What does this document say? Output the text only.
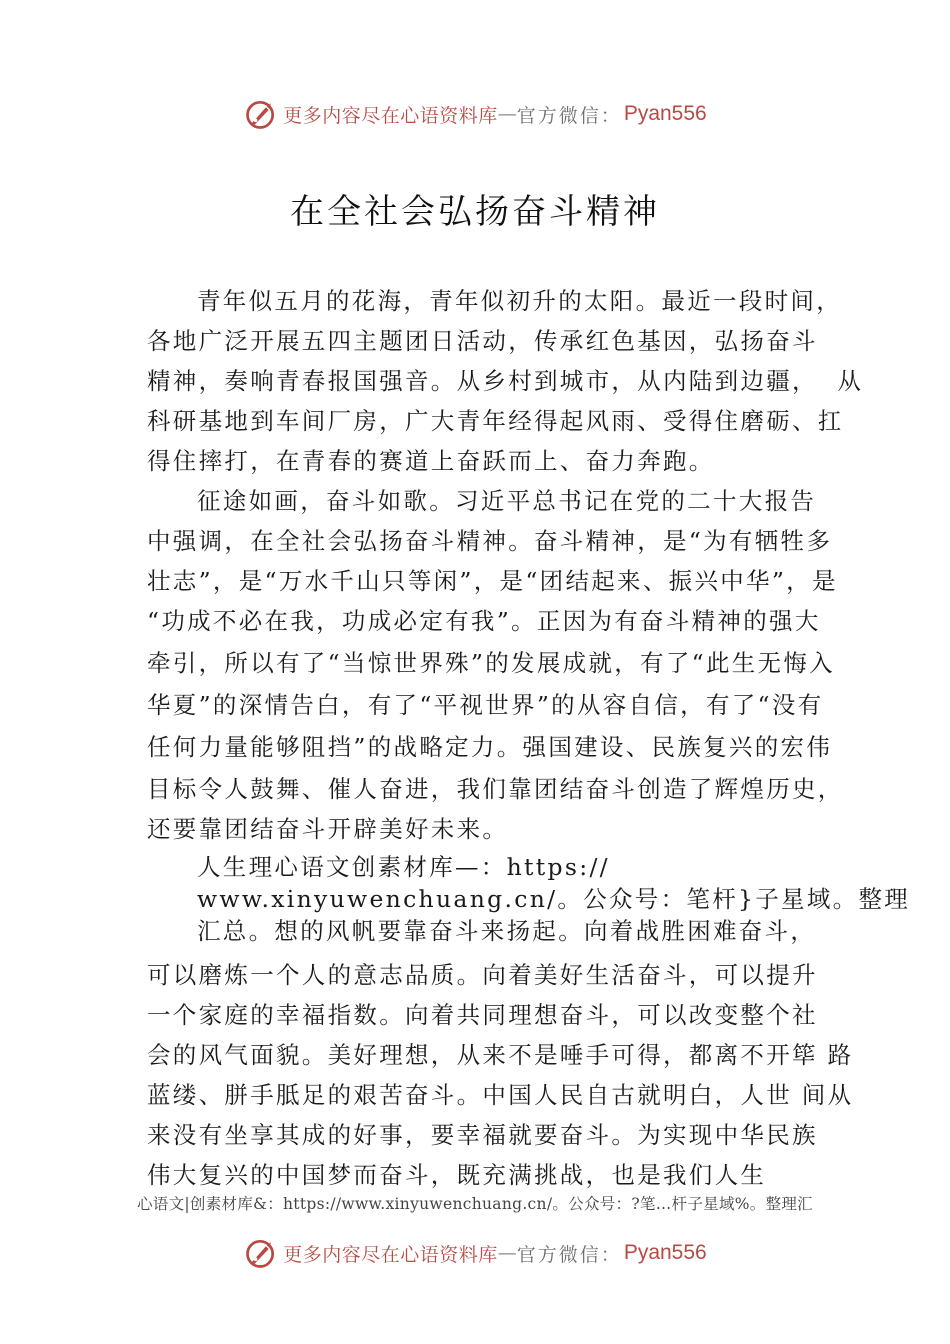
更多内容尽在心语资料库 — 官方微信： Pyan556
在全社会弘扬奋斗精神
青年似五月的花海，青年似初升的太阳。最近一段时间，
各地广泛开展五四主题团日活动，传承红色基因，弘扬奋斗
精神，奏响青春报国强音。从乡村到城市，从内陆到边疆，  从
科研基地到车间厂房，广大青年经得起风雨、受得住磨砺、扛
得住摔打，在青春的赛道上奋跃而上、奋力奔跑。
征途如画，奋斗如歌。习近平总书记在党的二十大报告
中强调，在全社会弘扬奋斗精神。奋斗精神，是“为有牺牲多
壮志”，是“万水千山只等闲”，是“团结起来、振兴中华”，是
“功成不必在我，功成必定有我”。正因为有奋斗精神的强大
牵引，所以有了“当惊世界殊”的发展成就，有了“此生无悔入
华夏”的深情告白，有了“平视世界”的从容自信，有了“没有
任何力量能够阻挡”的战略定力。强国建设、民族复兴的宏伟
目标令人鼓舞、催人奋进，我们靠团结奋斗创造了辉煌历史，
还要靠团结奋斗开辟美好未来。
人生理心语文创素材库—：https://
www.xinyuwenchuang.cn/。公众号：笔杆}子星域。整理
汇总。想的风帆要靠奋斗来扬起。向着战胜困难奋斗，
可以磨炼一个人的意志品质。向着美好生活奋斗，可以提升
一个家庭的幸福指数。向着共同理想奋斗，可以改变整个社
会的风气面貌。美好理想，从来不是唾手可得，都离不开筚 路
蓝缕、胼手胝足的艰苦奋斗。中国人民自古就明白，人世 间从
来没有坐享其成的好事，要幸福就要奋斗。为实现中华民族
伟大复兴的中国梦而奋斗，既充满挑战，也是我们人生
心语文|创素材库&：https://www.xinyuwenchuang.cn/。公众号：?笔…杆子星域%。整理汇
更多内容尽在心语资料库 — 官方微信： Pyan556
